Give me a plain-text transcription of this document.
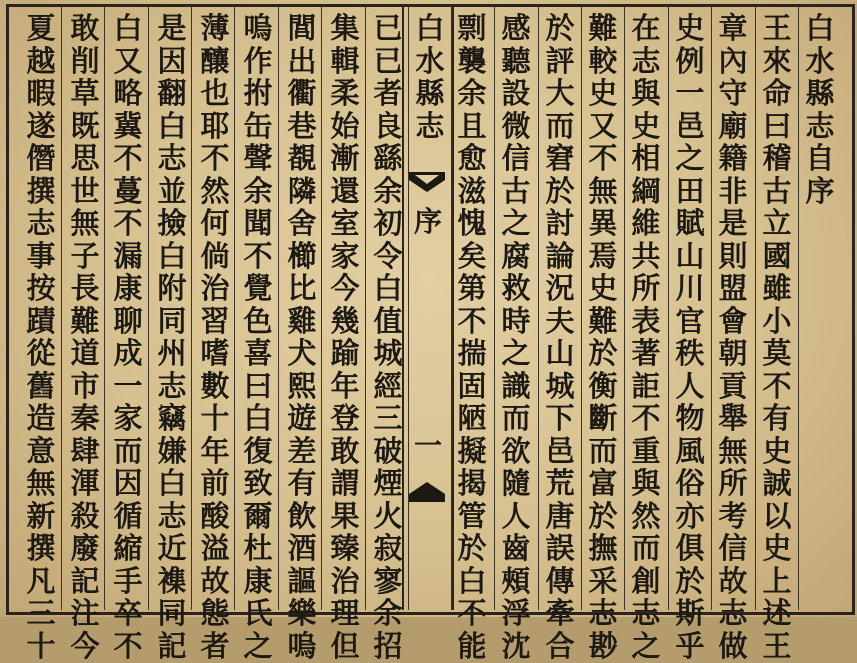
白
水
縣
志
自
序
王
來
命
曰
稽
古
立
國
雖
小
莫
不
有
史
誠
以
史
上
述
王
章
內
守
廟
籍
非
是
則
盟
會
朝
貢
舉
無
所
考
信
故
志
做
史
例
一
邑
之
田
賦
山
川
官
秩
人
物
風
俗
亦
俱
於
斯
乎
在
志
與
史
相
綱
維
共
所
表
著
詎
不
重
與
然
而
創
志
之
難
較
史
又
不
無
異
焉
史
難
於
衡
斷
而
富
於
撫
采
志
尠
於
評
大
而
窘
於
討
論
況
夫
山
城
下
邑
荒
唐
誤
傳
牽
合
感
聽
設
微
信
古
之
腐
救
時
之
識
而
欲
隨
人
齒
頰
浮
沈
剽
襲
余
且
愈
滋
愧
矣
第
不
揣
固
陋
擬
揭
管
於
白
不
能
白
水
縣
志
已
已
者
良
繇
余
初
令
白
值
城
經
三
破
煙
火
寂
寥
余
招
集
輯
柔
始
漸
還
室
家
今
幾
踰
年
登
敢
謂
果
臻
治
理
但
閭
出
衢
巷
覩
隣
舍
櫛
比
雞
犬
熙
遊
差
有
飲
酒
謳
樂
嗚
嗚
作
拊
缶
聲
余
聞
不
覺
色
喜
曰
白
復
致
爾
杜
康
氏
之
薄
釀
也
耶
不
然
何
倘
治
習
嗜
數
十
年
前
酸
溢
故
態
者
是
因
翻
白
志
並
撿
白
附
同
州
志
竊
嫌
白
志
近
襍
同
記
白
又
略
冀
不
蔓
不
漏
康
聊
成
一
家
而
因
循
縮
手
卒
不
敢
削
草
既
思
世
無
子
長
難
道
市
秦
肆
渾
殺
廢
記
注
今
夏
越
暇
遂
僭
撰
志
事
按
蹟
從
舊
造
意
無
新
撰
凡
三
十
序
一
